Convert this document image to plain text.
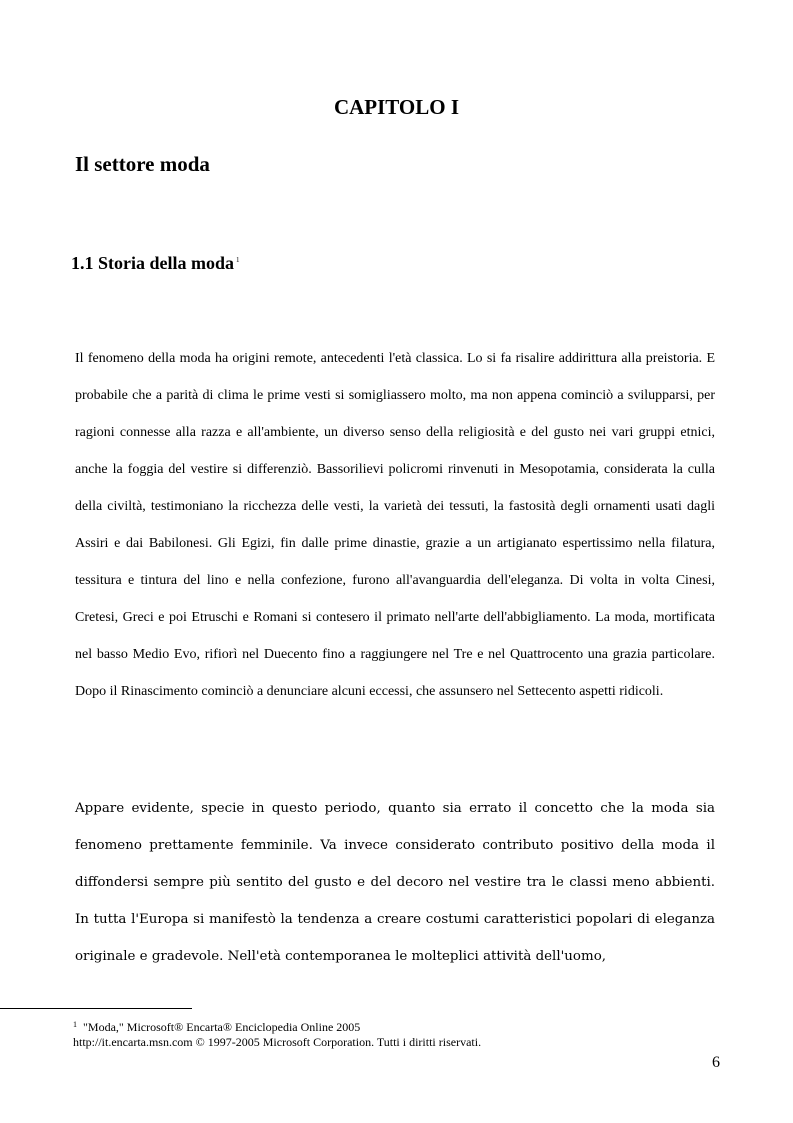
CAPITOLO I
Il settore moda
1.1 Storia della moda $^1$

Il fenomeno della moda ha origini remote, antecedenti l'età classica. Lo si fa risalire addirittura alla preistoria. E probabile che a parità di clima le prime vesti si somigliassero molto, ma non appena cominciò a svilupparsi, per ragioni connesse alla razza e all'ambiente, un diverso senso della religiosità e del gusto nei vari gruppi etnici, anche la foggia del vestire si differenziò. Bassorilievi policromi rinvenuti in Mesopotamia, considerata la culla della civiltà, testimoniano la ricchezza delle vesti, la varietà dei tessuti, la fastosità degli ornamenti usati dagli Assiri e dai Babilonesi. Gli Egizi, fin dalle prime dinastie, grazie a un artigianato espertissimo nella filatura, tessitura e tintura del lino e nella confezione, furono all'avanguardia dell'eleganza. Di volta in volta Cinesi, Cretesi, Greci e poi Etruschi e Romani si contesero il primato nell'arte dell'abbigliamento. La moda, mortificata nel basso Medio Evo, rifiorì nel Duecento fino a raggiungere nel Tre e nel Quattrocento una grazia particolare. Dopo il Rinascimento cominciò a denunciare alcuni eccessi, che assunsero nel Settecento aspetti ridicoli.

Appare evidente, specie in questo periodo, quanto sia errato il concetto che la moda sia fenomeno prettamente femminile. Va invece considerato contributo positivo della moda il diffondersi sempre più sentito del gusto e del decoro nel vestire tra le classi meno abbienti. In tutta l'Europa si manifestò la tendenza a creare costumi caratteristici popolari di eleganza originale e gradevole. Nell'età contemporanea le molteplici attività dell'uomo,

$^1$ "Moda," Microsoft® Encarta® Enciclopedia Online 2005
http://it.encarta.msn.com © 1997-2005 Microsoft Corporation. Tutti i diritti riservati.
6
